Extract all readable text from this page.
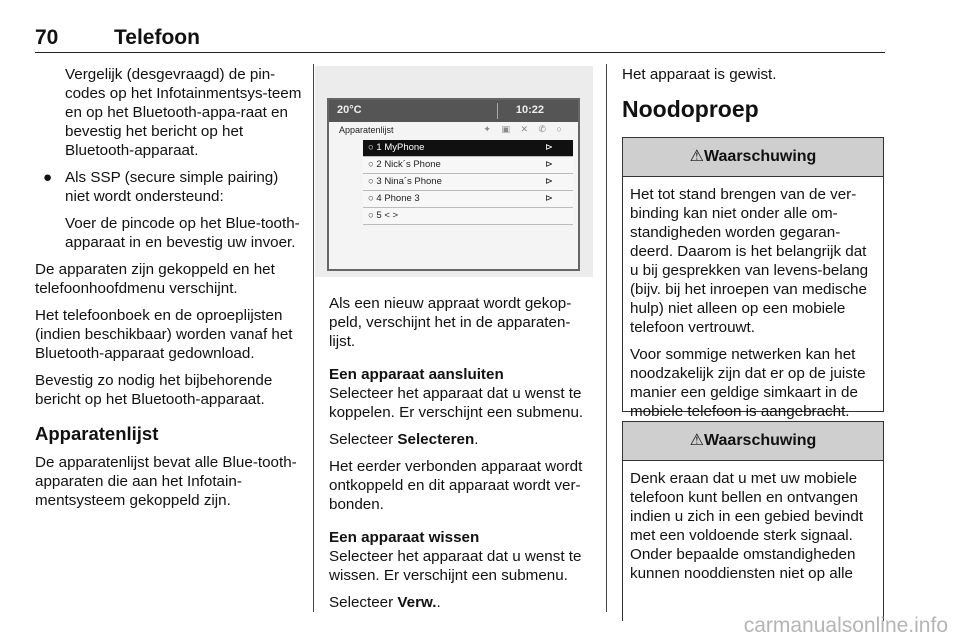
70	Telefoon

Vergelijk (desgevraagd) de pin-codes op het Infotainmentsys-teem en op het Bluetooth-appa-raat en bevestig het bericht op het Bluetooth-apparaat.

● Als SSP (secure simple pairing) niet wordt ondersteund:

Voer de pincode op het Blue-tooth-apparaat in en bevestig uw invoer.

De apparaten zijn gekoppeld en het telefoonhoofdmenu verschijnt.

Het telefoonboek en de oproeplijsten (indien beschikbaar) worden vanaf het Bluetooth-apparaat gedownload.

Bevestig zo nodig het bijbehorende bericht op het Bluetooth-apparaat.

Apparatenlijst

De apparatenlijst bevat alle Blue-tooth-apparaten die aan het Infotain-mentsysteem gekoppeld zijn.

20°C	10:22
Apparatenlijst	✦ ▣ ✕ ✆ ○
○ 1 MyPhone	⊳
○ 2 Nick´s Phone	⊳
○ 3 Nina´s Phone	⊳
○ 4 Phone 3	⊳
○ 5 < >

Als een nieuw appraat wordt gekop-peld, verschijnt het in de apparaten-lijst.

Een apparaat aansluiten

Selecteer het apparaat dat u wenst te koppelen. Er verschijnt een submenu.

Selecteer Selecteren.

Het eerder verbonden apparaat wordt ontkoppeld en dit apparaat wordt ver-bonden.

Een apparaat wissen

Selecteer het apparaat dat u wenst te wissen. Er verschijnt een submenu.

Selecteer Verw..

Het apparaat is gewist.

Noodoproep
⚠Waarschuwing

Het tot stand brengen van de ver-binding kan niet onder alle om-standigheden worden gegaran-deerd. Daarom is het belangrijk dat u bij gesprekken van levens-belang (bijv. bij het inroepen van medische hulp) niet alleen op een mobiele telefoon vertrouwt.

Voor sommige netwerken kan het noodzakelijk zijn dat er op de juiste manier een geldige simkaart in de mobiele telefoon is aangebracht.

⚠Waarschuwing

Denk eraan dat u met uw mobiele telefoon kunt bellen en ontvangen indien u zich in een gebied bevindt met een voldoende sterk signaal. Onder bepaalde omstandigheden kunnen nooddiensten niet op alle

carmanualsonline.info
